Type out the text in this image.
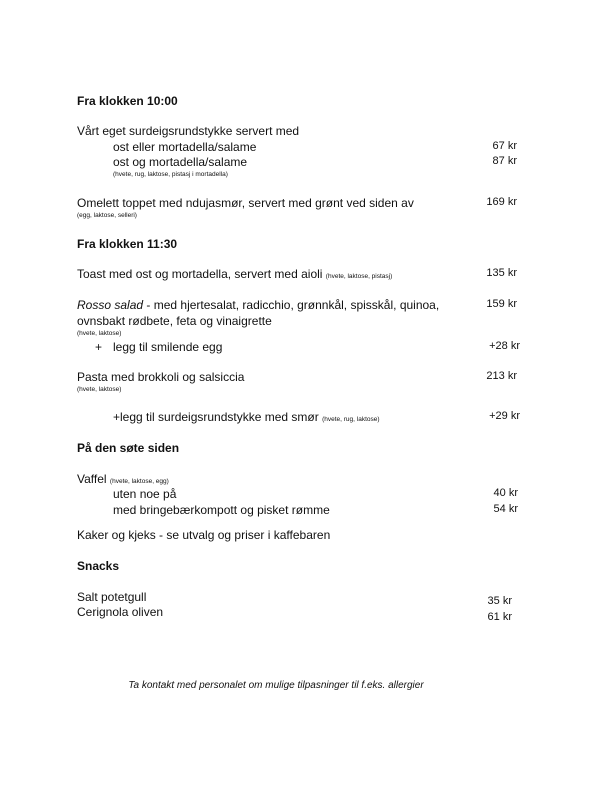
Fra klokken 10:00
Vårt eget surdeigsrundstykke servert med
ost eller mortadella/salame	67 kr
ost og mortadella/salame	87 kr
(hvete, rug, laktose, pistasj i mortadella)
Omelett toppet med ndujasmør, servert med grønt ved siden av	169 kr
(egg, laktose, selleri)
Fra klokken 11:30
Toast med ost og mortadella, servert med aioli (hvete, laktose, pistasj)	135 kr
Rosso salad - med hjertesalat, radicchio, grønnkål, spisskål, quinoa,	159 kr
ovnsbakt rødbete, feta og vinaigrette
(hvete, laktose)
+ legg til smilende egg	+28 kr
Pasta med brokkoli og salsiccia	213 kr
(hvete, laktose)
+legg til surdeigsrundstykke med smør (hvete, rug, laktose)	+29 kr
På den søte siden
Vaffel (hvete, laktose, egg)
uten noe på	40 kr
med bringebærkompott og pisket rømme	54 kr
Kaker og kjeks - se utvalg og priser i kaffebaren
Snacks
Salt potetgull	35 kr
Cerignola oliven	61 kr
Ta kontakt med personalet om mulige tilpasninger til f.eks. allergier
